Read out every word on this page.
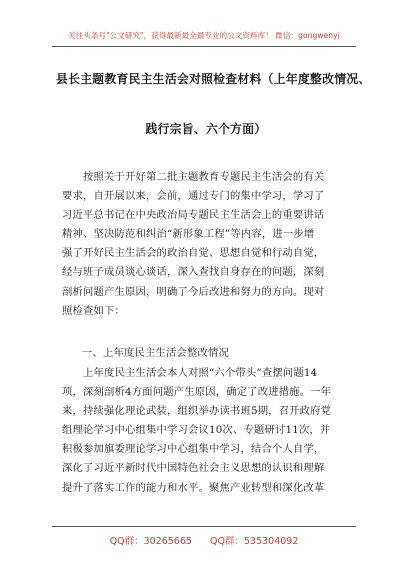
关注头条号"公文研究"，获得最新最全最专业的公文资料库！ 微信：gongwenyj
县长主题教育民主生活会对照检查材料（上年度整改情况、
践行宗旨、六个方面）
　　按照关于开好第二批主题教育专题民主生活会的有关
要求，自开展以来，会前，通过专门的集中学习，学习了
习近平总书记在中央政治局专题民主生活会上的重要讲话
精神、坚决防范和纠治“新形象工程”等内容，进一步增
强了开好民主生活会的政治自觉、思想自觉和行动自觉，
经与班子成员谈心谈话，深入查找自身存在的问题，深刻
剖析问题产生原因，明确了今后改进和努力的方向。现对
照检查如下：
一、上年度民主生活会整改情况
　　上年度民主生活会本人对照“六个带头”查摆问题14
项，深刻剖析4方面问题产生原因，确定了改进措施。一年
来，持续强化理论武装，组织举办读书班5期，召开政府党
组理论学习中心组集中学习会议10次、专题研讨11次，并
积极参加旗委理论学习中心组集中学习，结合个人自学，
深化了习近平新时代中国特色社会主义思想的认识和理解
提升了落实工作的能力和水平。聚焦产业转型和深化改革
QQ群：30265665      QQ群：535304092
